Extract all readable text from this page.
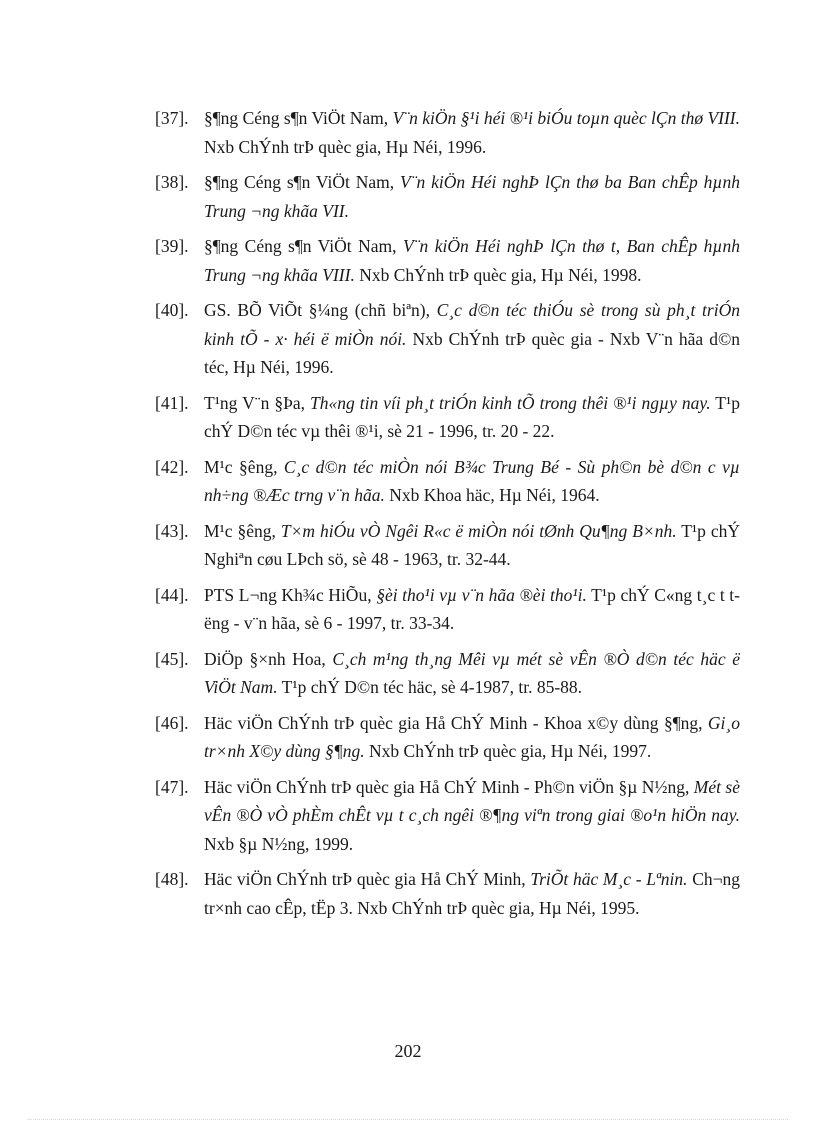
[37]. §¶ng Céng s¶n ViÖt Nam, V¨n kiÖn §¹i héi ®¹i biÓu toµn quèc lÇn thø VIII. Nxb ChÝnh trÞ quèc gia, Hµ Néi, 1996.
[38]. §¶ng Céng s¶n ViÖt Nam, V¨n kiÖn Héi nghÞ lÇn thø ba Ban chÊp hµnh Trung ¬ng khãa VII.
[39]. §¶ng Céng s¶n ViÖt Nam, V¨n kiÖn Héi nghÞ lÇn thø t, Ban chÊp hµnh Trung ¬ng khãa VIII. Nxb ChÝnh trÞ quèc gia, Hµ Néi, 1998.
[40]. GS. BÕ ViÕt §¼ng (chñ biªn), C¸c d©n téc thiÓu sè trong sù ph¸t triÓn kinh tÕ - x· héi ë miÒn nói. Nxb ChÝnh trÞ quèc gia - Nxb V¨n hãa d©n téc, Hµ Néi, 1996.
[41]. T¹ng V¨n §Þa, Th«ng tin víi ph¸t triÓn kinh tÕ trong thêi ®¹i ngµy nay. T¹p chÝ D©n téc vµ thêi ®¹i, sè 21 - 1996, tr. 20 - 22.
[42]. M¹c §êng, C¸c d©n téc miÒn nói B¾c Trung Bé - Sù ph©n bè d©n c vµ nh÷ng ®Æc trng v¨n hãa. Nxb Khoa häc, Hµ Néi, 1964.
[43]. M¹c §êng, T×m hiÓu vÒ Ngêi R«c ë miÒn nói tØnh Qu¶ng B×nh. T¹p chÝ Nghiªn cøu LÞch sö, sè 48 - 1963, tr. 32-44.
[44]. PTS L¬ng Kh¾c HiÕu, §èi tho¹i vµ v¨n hãa ®èi tho¹i. T¹p chÝ C«ng t¸c t tëng - v¨n hãa, sè 6 - 1997, tr. 33-34.
[45]. DiÖp §×nh Hoa, C¸ch m¹ng th¸ng Mêi vµ mét sè vÊn ®Ò d©n téc häc ë ViÖt Nam. T¹p chÝ D©n téc häc, sè 4-1987, tr. 85-88.
[46]. Häc viÖn ChÝnh trÞ quèc gia Hå ChÝ Minh - Khoa x©y dùng §¶ng, Gi¸o tr×nh X©y dùng §¶ng. Nxb ChÝnh trÞ quèc gia, Hµ Néi, 1997.
[47]. Häc viÖn ChÝnh trÞ quèc gia Hå ChÝ Minh - Ph©n viÖn §µ N½ng, Mét sè vÊn ®Ò vÒ phÈm chÊt vµ t c¸ch ngêi ®¶ng viªn trong giai ®o¹n hiÖn nay. Nxb §µ N½ng, 1999.
[48]. Häc viÖn ChÝnh trÞ quèc gia Hå ChÝ Minh, TriÕt häc M¸c - Lªnin. Ch¬ng tr×nh cao cÊp, tËp 3. Nxb ChÝnh trÞ quèc gia, Hµ Néi, 1995.
202
